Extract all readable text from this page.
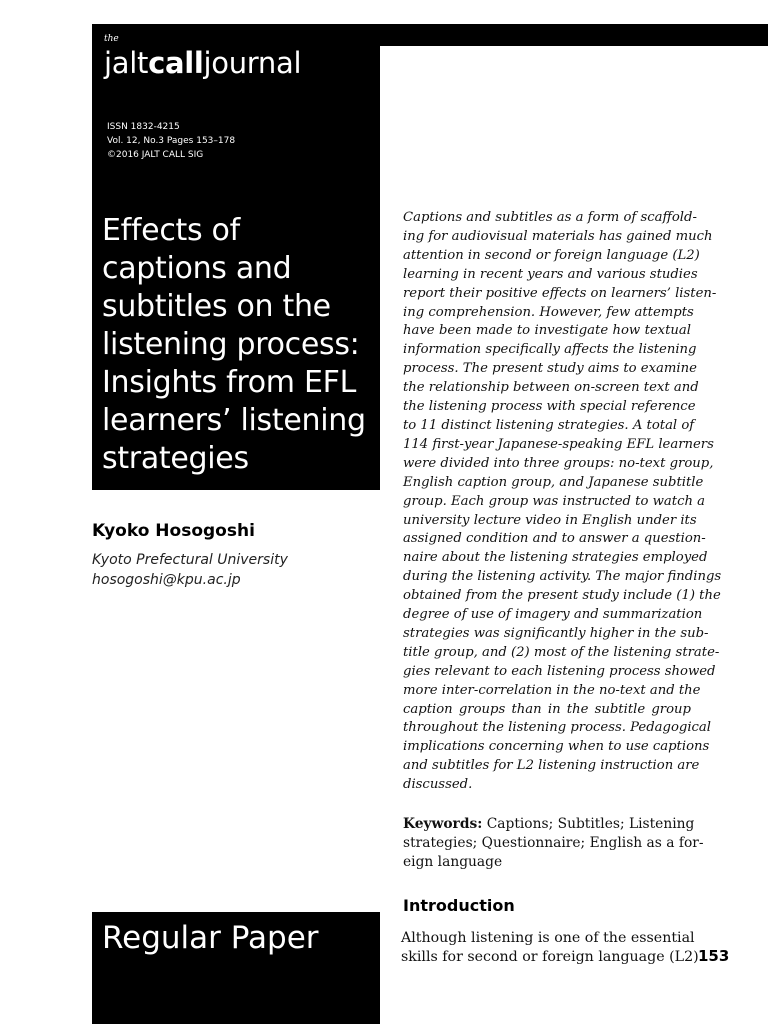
the
jaltcalljournal
ISSN 1832-4215
Vol. 12, No.3 Pages 153–178
©2016 JALT CALL SIG
Effects of
captions and
subtitles on the
listening process:
Insights from EFL
learners’ listening
strategies
Kyoko Hosogoshi
Kyoto Prefectural University
hosogoshi@kpu.ac.jp
Captions and subtitles as a form of scaffold-
ing for audiovisual materials has gained much
attention in second or foreign language (L2)
learning in recent years and various studies
report their positive effects on learners’ listen-
ing comprehension. However, few attempts
have been made to investigate how textual
information specifically affects the listening
process. The present study aims to examine
the relationship between on-screen text and
the listening process with special reference
to 11 distinct listening strategies. A total of
114 first-year Japanese-speaking EFL learners
were divided into three groups: no-text group,
English caption group, and Japanese subtitle
group. Each group was instructed to watch a
university lecture video in English under its
assigned condition and to answer a question-
naire about the listening strategies employed
during the listening activity. The major findings
obtained from the present study include (1) the
degree of use of imagery and summarization
strategies was significantly higher in the sub-
title group, and (2) most of the listening strate-
gies relevant to each listening process showed
more inter-correlation in the no-text and the
caption groups than in the subtitle group
throughout the listening process. Pedagogical
implications concerning when to use captions
and subtitles for L2 listening instruction are
discussed.
Keywords: Captions; Subtitles; Listening
strategies; Questionnaire; English as a for-
eign language
Introduction
Although listening is one of the essential
skills for second or foreign language (L2) 153
Regular Paper
